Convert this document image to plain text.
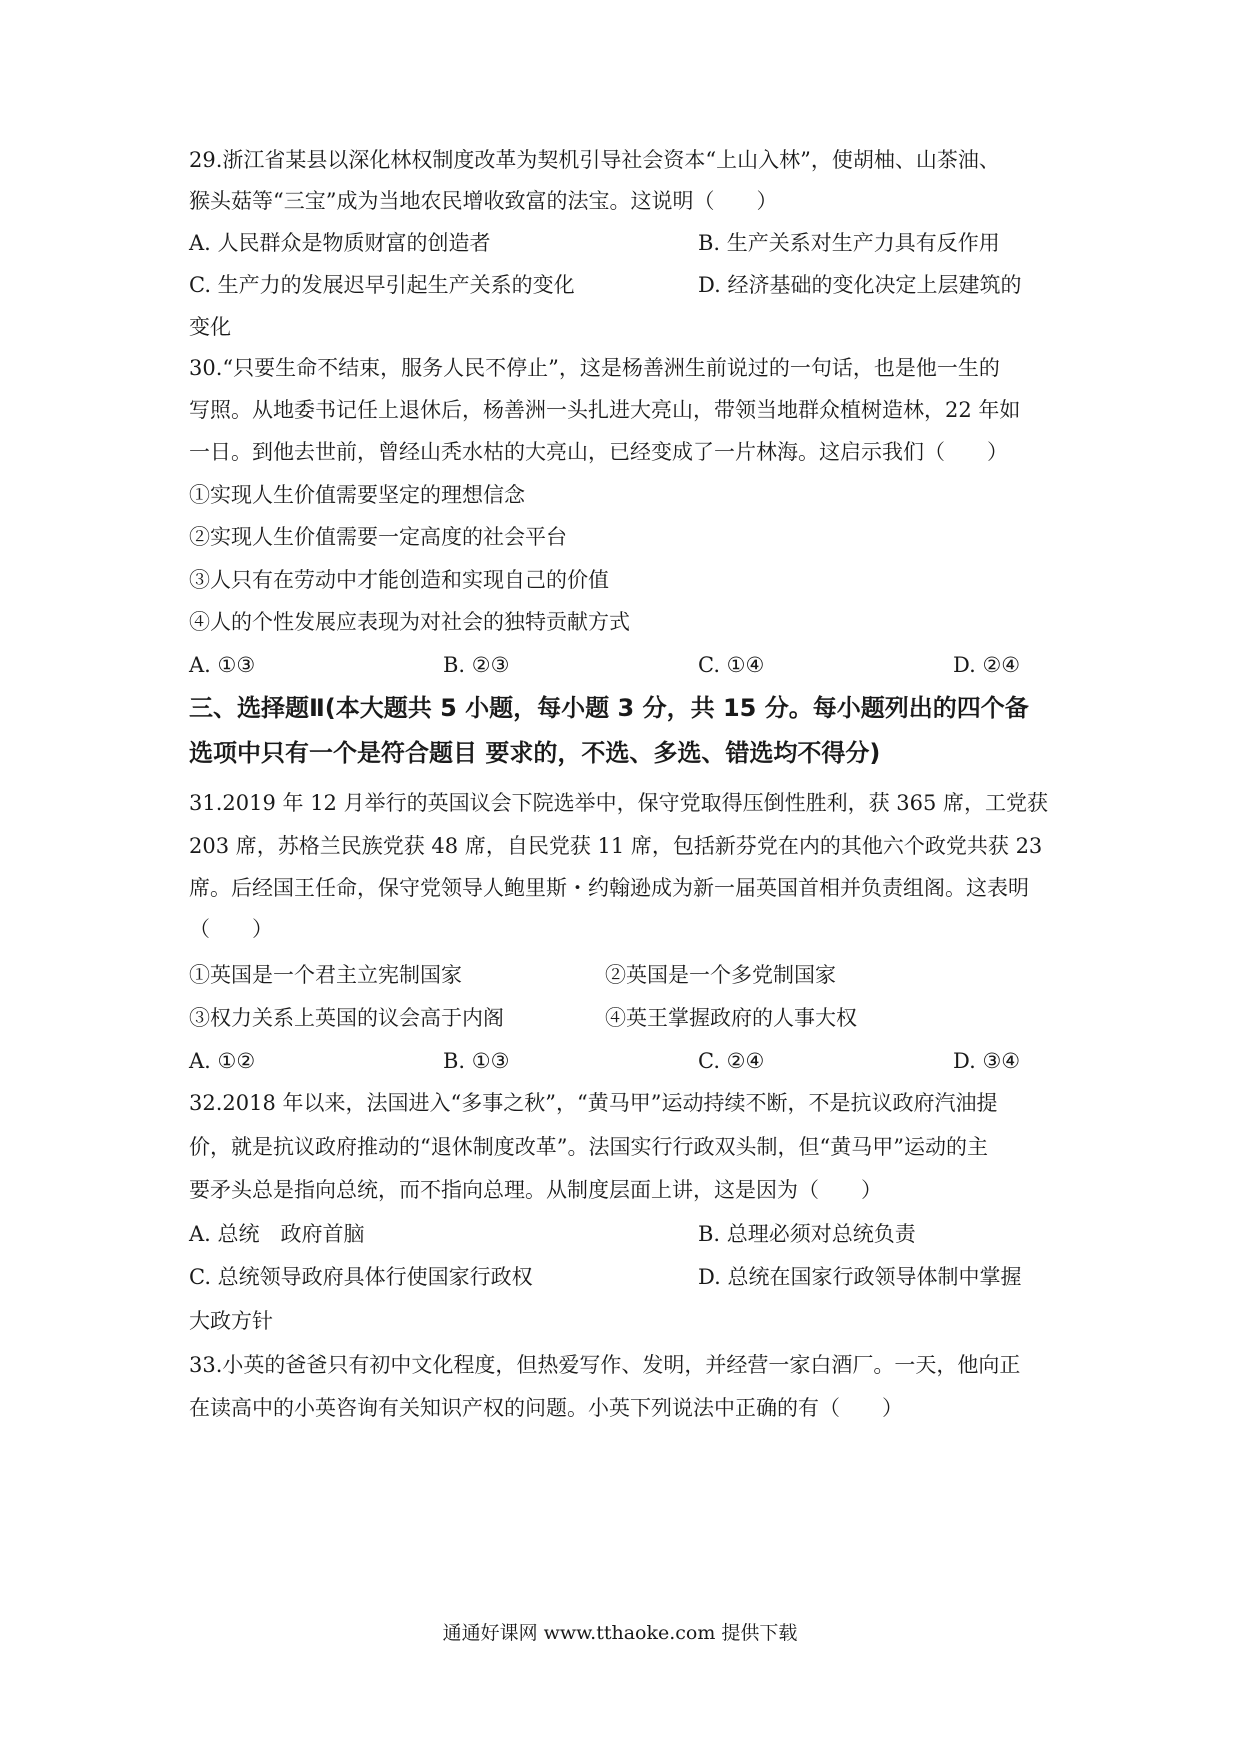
29.浙江省某县以深化林权制度改革为契机引导社会资本“上山入林”，使胡柚、山茶油、
猴头菇等“三宝”成为当地农民增收致富的法宝。这说明（　　）
A. 人民群众是物质财富的创造者	B. 生产关系对生产力具有反作用
C. 生产力的发展迟早引起生产关系的变化	D. 经济基础的变化决定上层建筑的
变化
30.“只要生命不结束，服务人民不停止”，这是杨善洲生前说过的一句话，也是他一生的
写照。从地委书记任上退休后，杨善洲一头扎进大亮山，带领当地群众植树造林，22 年如
一日。到他去世前，曾经山秃水枯的大亮山，已经变成了一片林海。这启示我们（　　）
①实现人生价值需要坚定的理想信念
②实现人生价值需要一定高度的社会平台
③人只有在劳动中才能创造和实现自己的价值
④人的个性发展应表现为对社会的独特贡献方式
A. ①③	B. ②③	C. ①④	D. ②④
三、选择题Ⅱ(本大题共 5 小题，每小题 3 分，共 15 分。每小题列出的四个备
选项中只有一个是符合题目 要求的，不选、多选、错选均不得分)
31.2019 年 12 月举行的英国议会下院选举中，保守党取得压倒性胜利，获 365 席，工党获
203 席，苏格兰民族党获 48 席，自民党获 11 席，包括新芬党在内的其他六个政党共获 23
席。后经国王任命，保守党领导人鲍里斯・约翰逊成为新一届英国首相并负责组阁。这表明
（　　）
①英国是一个君主立宪制国家	②英国是一个多党制国家
③权力关系上英国的议会高于内阁	④英王掌握政府的人事大权
A. ①②	B. ①③	C. ②④	D. ③④
32.2018 年以来，法国进入“多事之秋”，“黄马甲”运动持续不断，不是抗议政府汽油提
价，就是抗议政府推动的“退休制度改革”。法国实行行政双头制，但“黄马甲”运动的主
要矛头总是指向总统，而不指向总理。从制度层面上讲，这是因为（　　）
A. 总统　政府首脑	B. 总理必须对总统负责
C. 总统领导政府具体行使国家行政权	D. 总统在国家行政领导体制中掌握
大政方针
33.小英的爸爸只有初中文化程度，但热爱写作、发明，并经营一家白酒厂。一天，他向正
在读高中的小英咨询有关知识产权的问题。小英下列说法中正确的有（　　）
通通好课网 www.tthaoke.com 提供下载
